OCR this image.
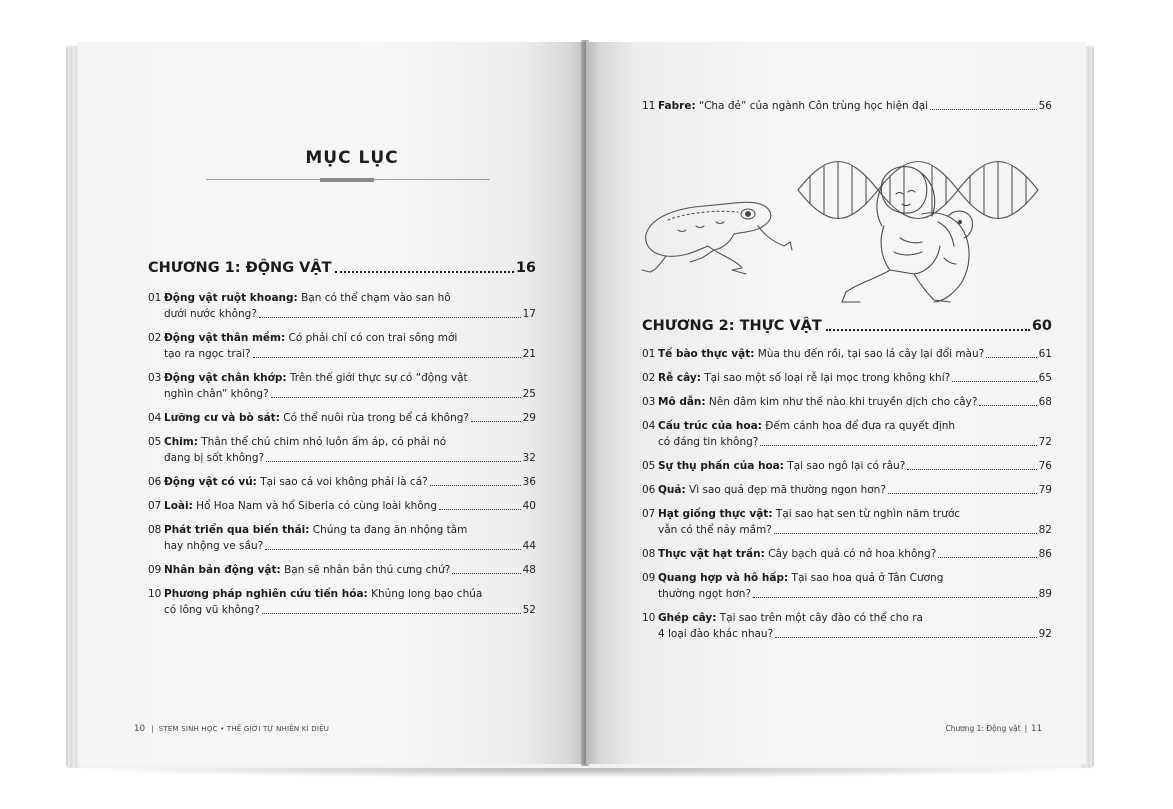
MỤC LỤC
CHƯƠNG 1: ĐỘNG VẬT	16
01 Động vật ruột khoang: Bạn có thể chạm vào san hô
dưới nước không?	17
02 Động vật thân mềm: Có phải chỉ có con trai sông mới
tạo ra ngọc trai?	21
03 Động vật chân khớp: Trên thế giới thực sự có “động vật
nghìn chân” không?	25
04 Lưỡng cư và bò sát: Có thể nuôi rùa trong bể cá không?	29
05 Chim: Thân thể chú chim nhỏ luôn ấm áp, có phải nó
đang bị sốt không?	32
06 Động vật có vú: Tại sao cá voi không phải là cá?	36
07 Loài: Hổ Hoa Nam và hổ Siberia có cùng loài không	40
08 Phát triển qua biến thái: Chúng ta đang ăn nhộng tằm
hay nhộng ve sầu?	44
09 Nhân bản động vật: Bạn sẽ nhân bản thú cưng chứ?	48
10 Phương pháp nghiên cứu tiến hóa: Khủng long bạo chúa
có lông vũ không?	52
10 | STEM SINH HỌC • THẾ GIỚI TỰ NHIÊN KÌ DIỆU
11 Fabre: “Cha đẻ” của ngành Côn trùng học hiện đại	56
CHƯƠNG 2: THỰC VẬT	60
01 Tế bào thực vật: Mùa thu đến rồi, tại sao lá cây lại đổi màu?	61
02 Rễ cây: Tại sao một số loại rễ lại mọc trong không khí?	65
03 Mô dẫn: Nên đâm kim như thế nào khi truyền dịch cho cây?	68
04 Cấu trúc của hoa: Đếm cánh hoa để đưa ra quyết định
có đáng tin không?	72
05 Sự thụ phấn của hoa: Tại sao ngô lại có râu?	76
06 Quả: Vì sao quả đẹp mã thường ngon hơn?	79
07 Hạt giống thực vật: Tại sao hạt sen từ nghìn năm trước
vẫn có thể nảy mầm?	82
08 Thực vật hạt trần: Cây bạch quả có nở hoa không?	86
09 Quang hợp và hô hấp: Tại sao hoa quả ở Tân Cương
thường ngọt hơn?	89
10 Ghép cây: Tại sao trên một cây đào có thể cho ra
4 loại đào khác nhau?	92
Chương 1: Động vật | 11
